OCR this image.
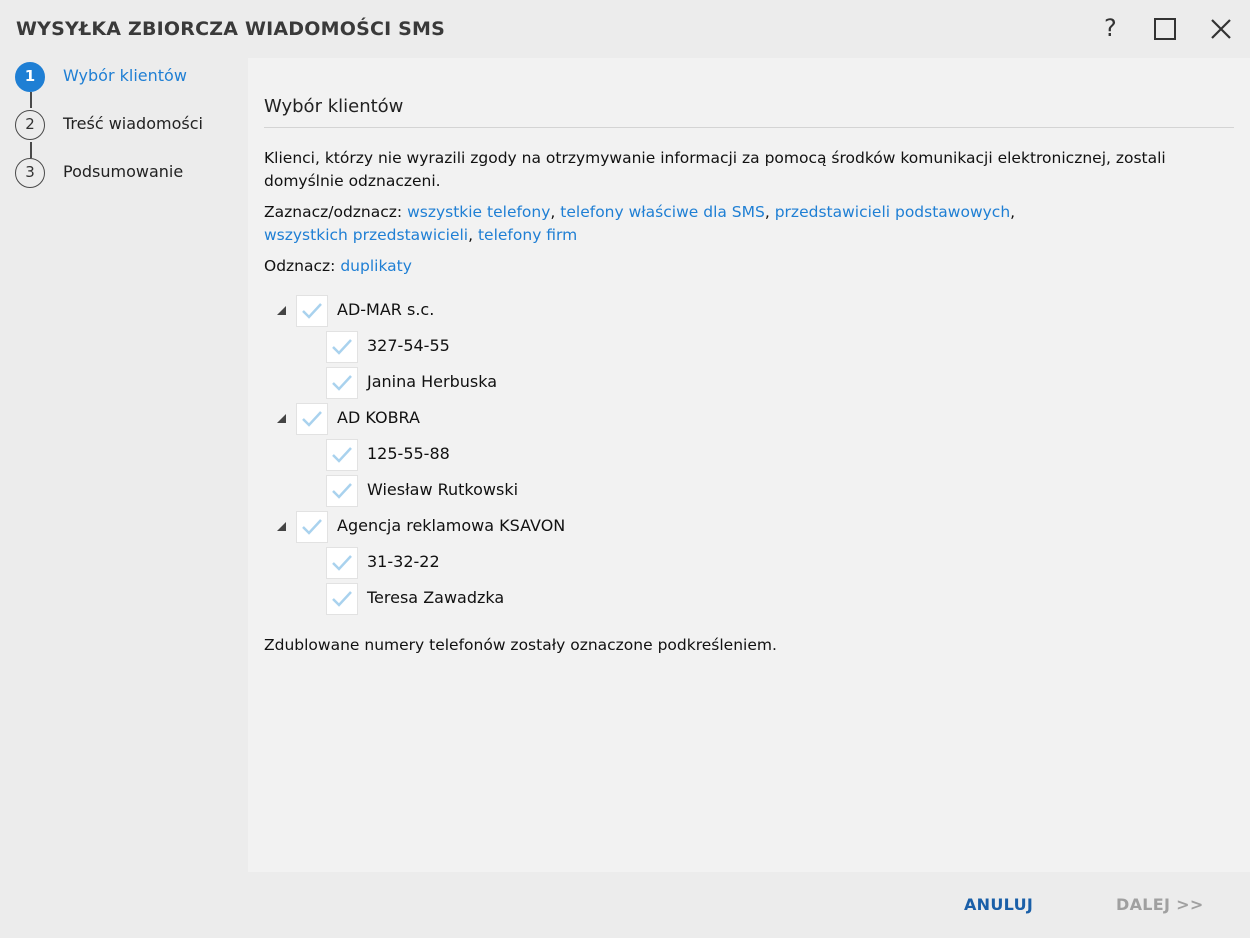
WYSYŁKA ZBIORCZA WIADOMOŚCI SMS	?
1	Wybór klientów
2	Treść wiadomości
3	Podsumowanie
Wybór klientów
Klienci, którzy nie wyrazili zgody na otrzymywanie informacji za pomocą środków komunikacji elektronicznej, zostali domyślnie odznaczeni.
Zaznacz/odznacz: wszystkie telefony, telefony właściwe dla SMS, przedstawicieli podstawowych,
wszystkich przedstawicieli, telefony firm
Odznacz: duplikaty
AD-MAR s.c.
327-54-55
Janina Herbuska
AD KOBRA
125-55-88
Wiesław Rutkowski
Agencja reklamowa KSAVON
31-32-22
Teresa Zawadzka
Zdublowane numery telefonów zostały oznaczone podkreśleniem.
ANULUJ	DALEJ >>
